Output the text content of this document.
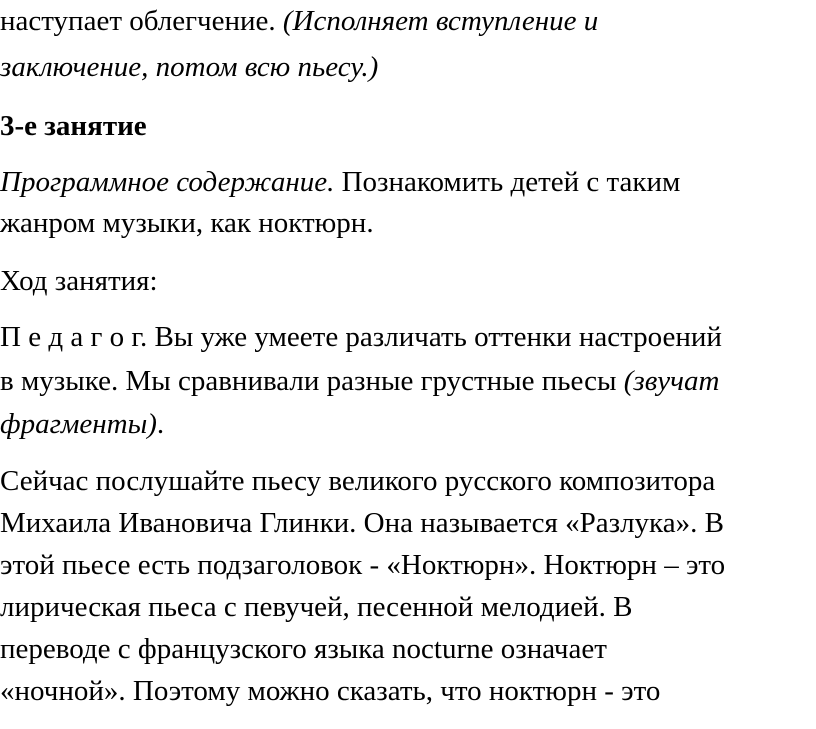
наступает облегчение. (Исполняет вступление и
заключение, потом всю пьесу.)
3-е занятие
Программное содержание. Познакомить детей с таким
жанром музыки, как ноктюрн.
Ход занятия:
П е д а г о г. Вы уже умеете различать оттенки настроений
в музыке. Мы сравнивали разные грустные пьесы (звучат
фрагменты).
Сейчас послушайте пьесу великого русского композитора
Михаила Ивановича Глинки. Она называется «Разлука». В
этой пьесе есть подзаголовок - «Ноктюрн». Ноктюрн – это
лирическая пьеса с певучей, песенной мелодией. В
переводе с французского языка nocturne означает
«ночной». Поэтому можно сказать, что ноктюрн - это
